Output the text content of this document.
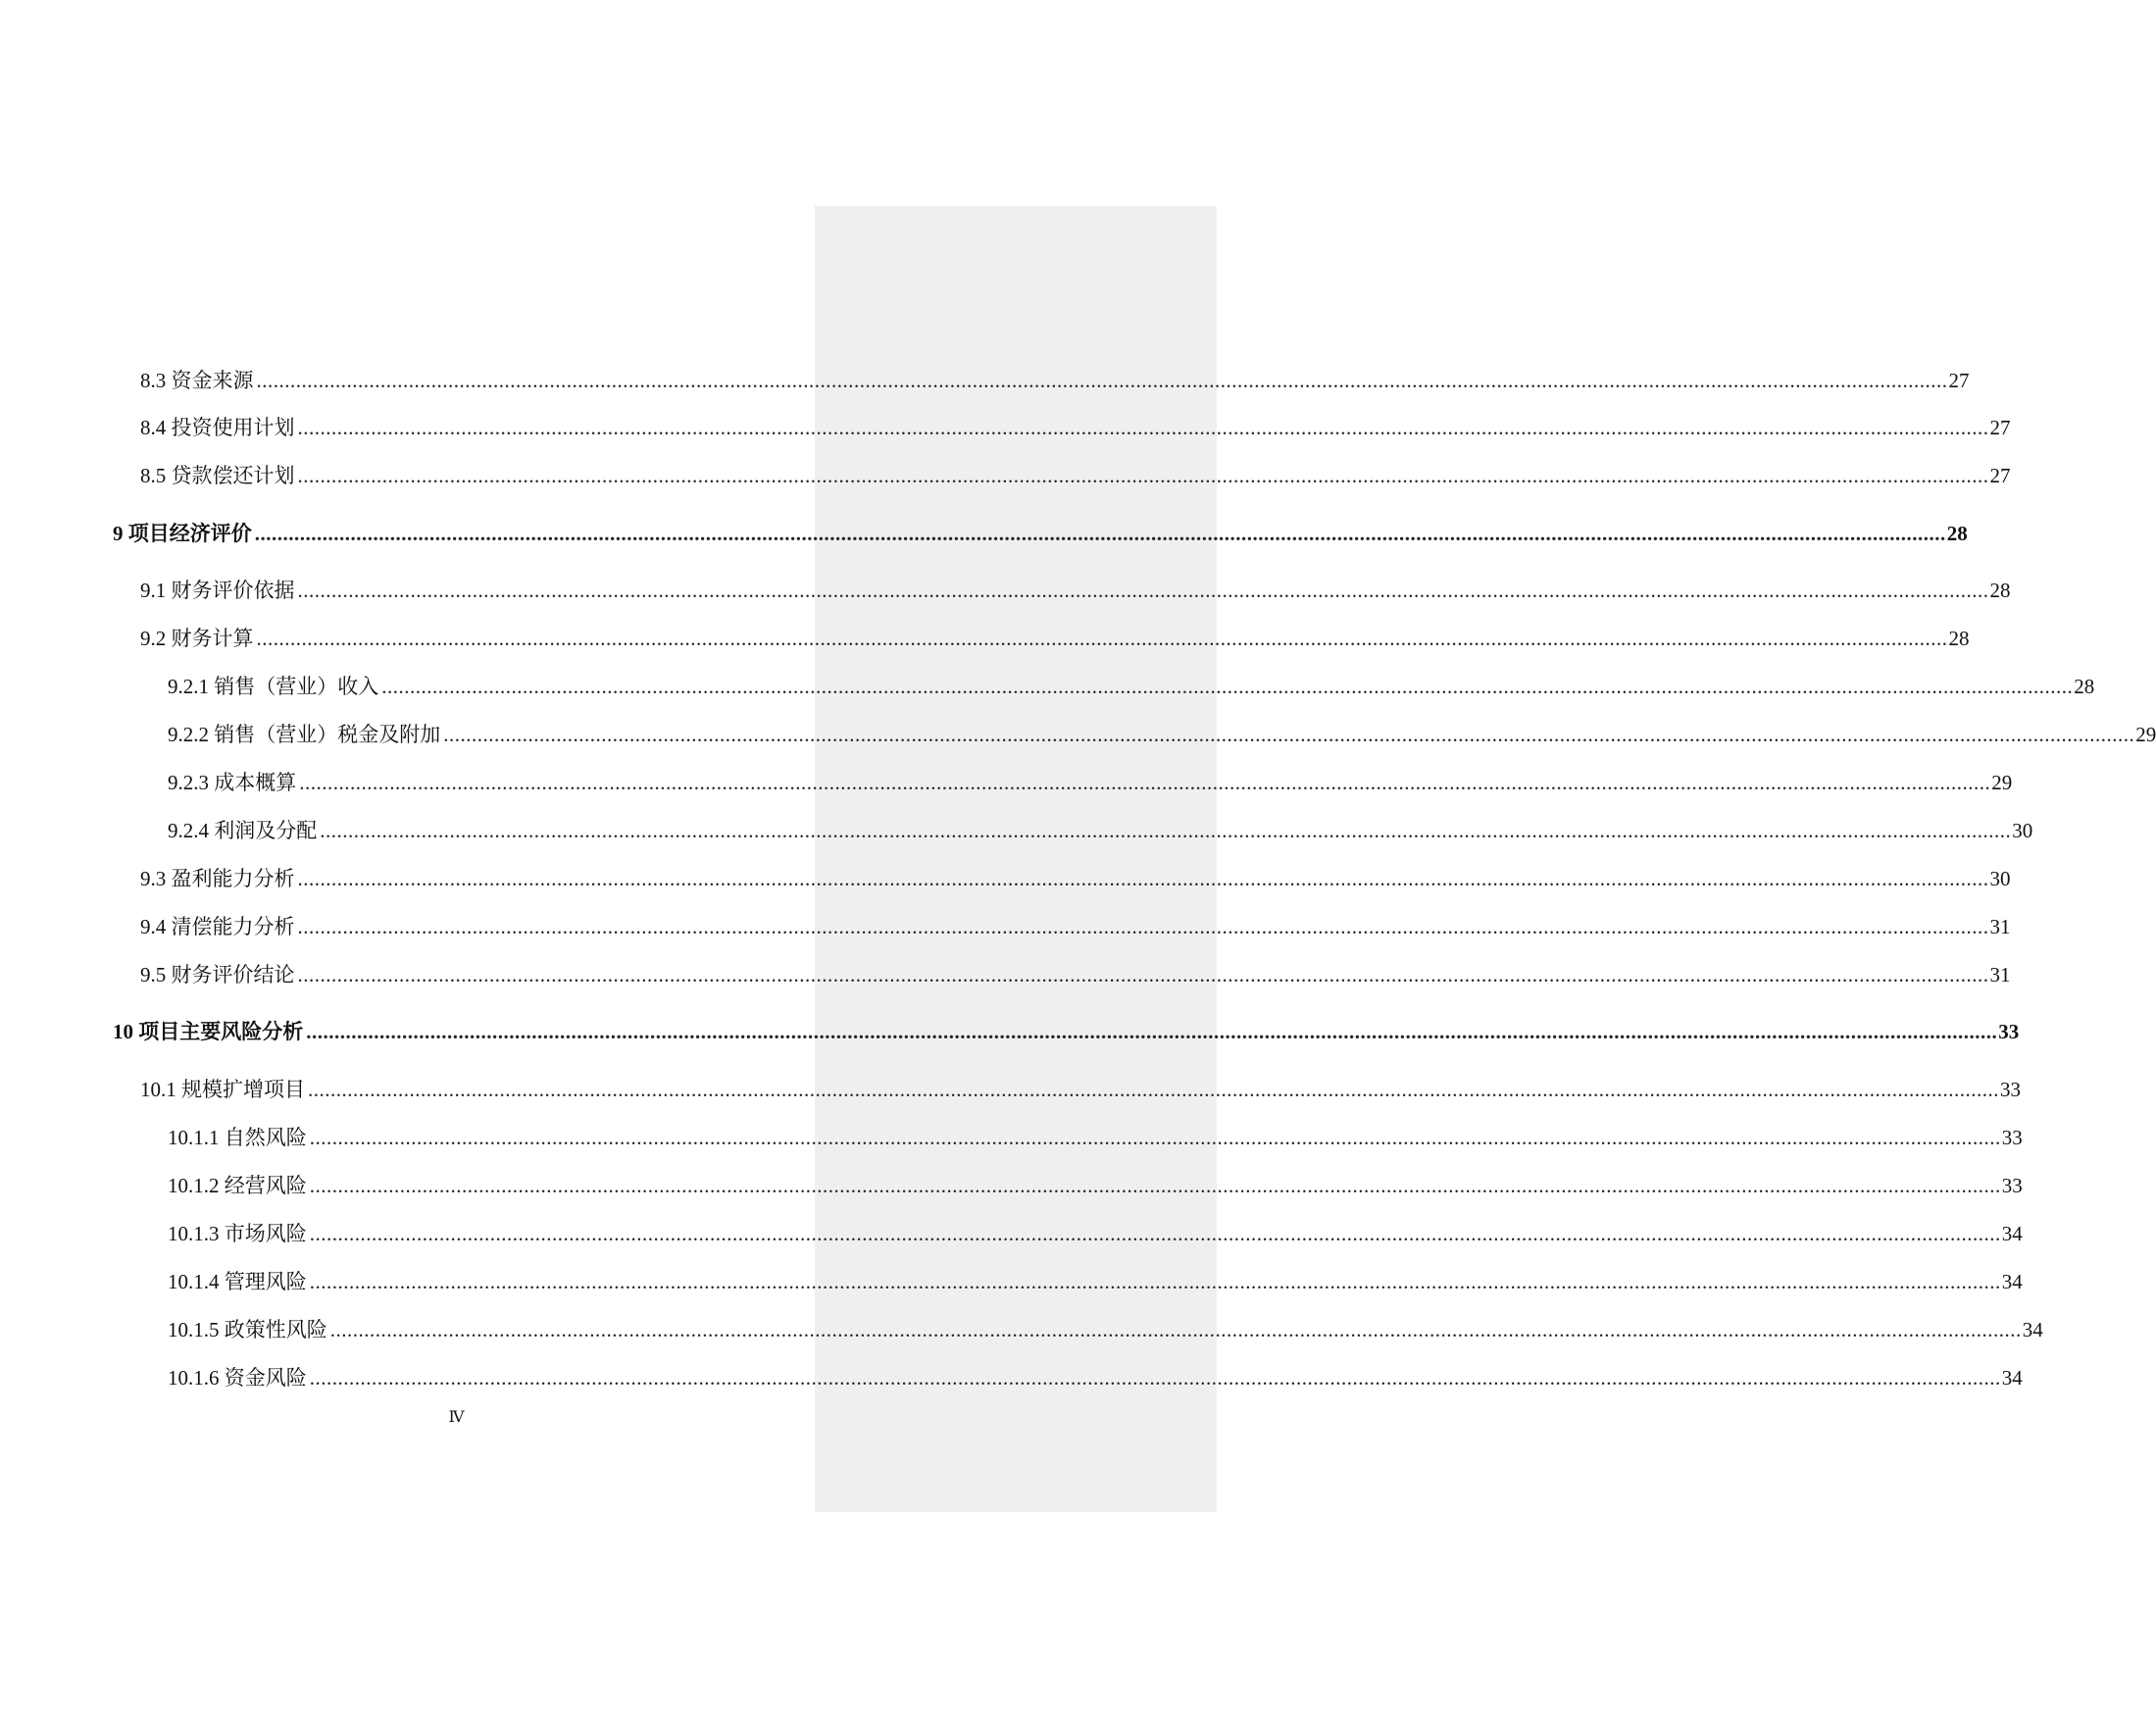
8.3 资金来源 ............................................................................................................................................................................................................................................................................................................ 27
8.4 投资使用计划 ............................................................................................................................................................................................................................................................................................................ 27
8.5 贷款偿还计划 ............................................................................................................................................................................................................................................................................................................ 27
9 项目经济评价 ............................................................................................................................................................................................................................................................................................................ 28
9.1 财务评价依据 ............................................................................................................................................................................................................................................................................................................ 28
9.2 财务计算 ............................................................................................................................................................................................................................................................................................................ 28
9.2.1 销售（营业）收入 ............................................................................................................................................................................................................................................................................................................ 28
9.2.2 销售（营业）税金及附加 ............................................................................................................................................................................................................................................................................................................ 29
9.2.3 成本概算 ............................................................................................................................................................................................................................................................................................................ 29
9.2.4 利润及分配 ............................................................................................................................................................................................................................................................................................................ 30
9.3 盈利能力分析 ............................................................................................................................................................................................................................................................................................................ 30
9.4 清偿能力分析 ............................................................................................................................................................................................................................................................................................................ 31
9.5 财务评价结论 ............................................................................................................................................................................................................................................................................................................ 31
10 项目主要风险分析 ............................................................................................................................................................................................................................................................................................................ 33
10.1 规模扩增项目 ............................................................................................................................................................................................................................................................................................................ 33
10.1.1 自然风险 ............................................................................................................................................................................................................................................................................................................ 33
10.1.2 经营风险 ............................................................................................................................................................................................................................................................................................................ 33
10.1.3 市场风险 ............................................................................................................................................................................................................................................................................................................ 34
10.1.4 管理风险 ............................................................................................................................................................................................................................................................................................................ 34
10.1.5 政策性风险 ............................................................................................................................................................................................................................................................................................................ 34
10.1.6 资金风险 ............................................................................................................................................................................................................................................................................................................ 34
Ⅳ
